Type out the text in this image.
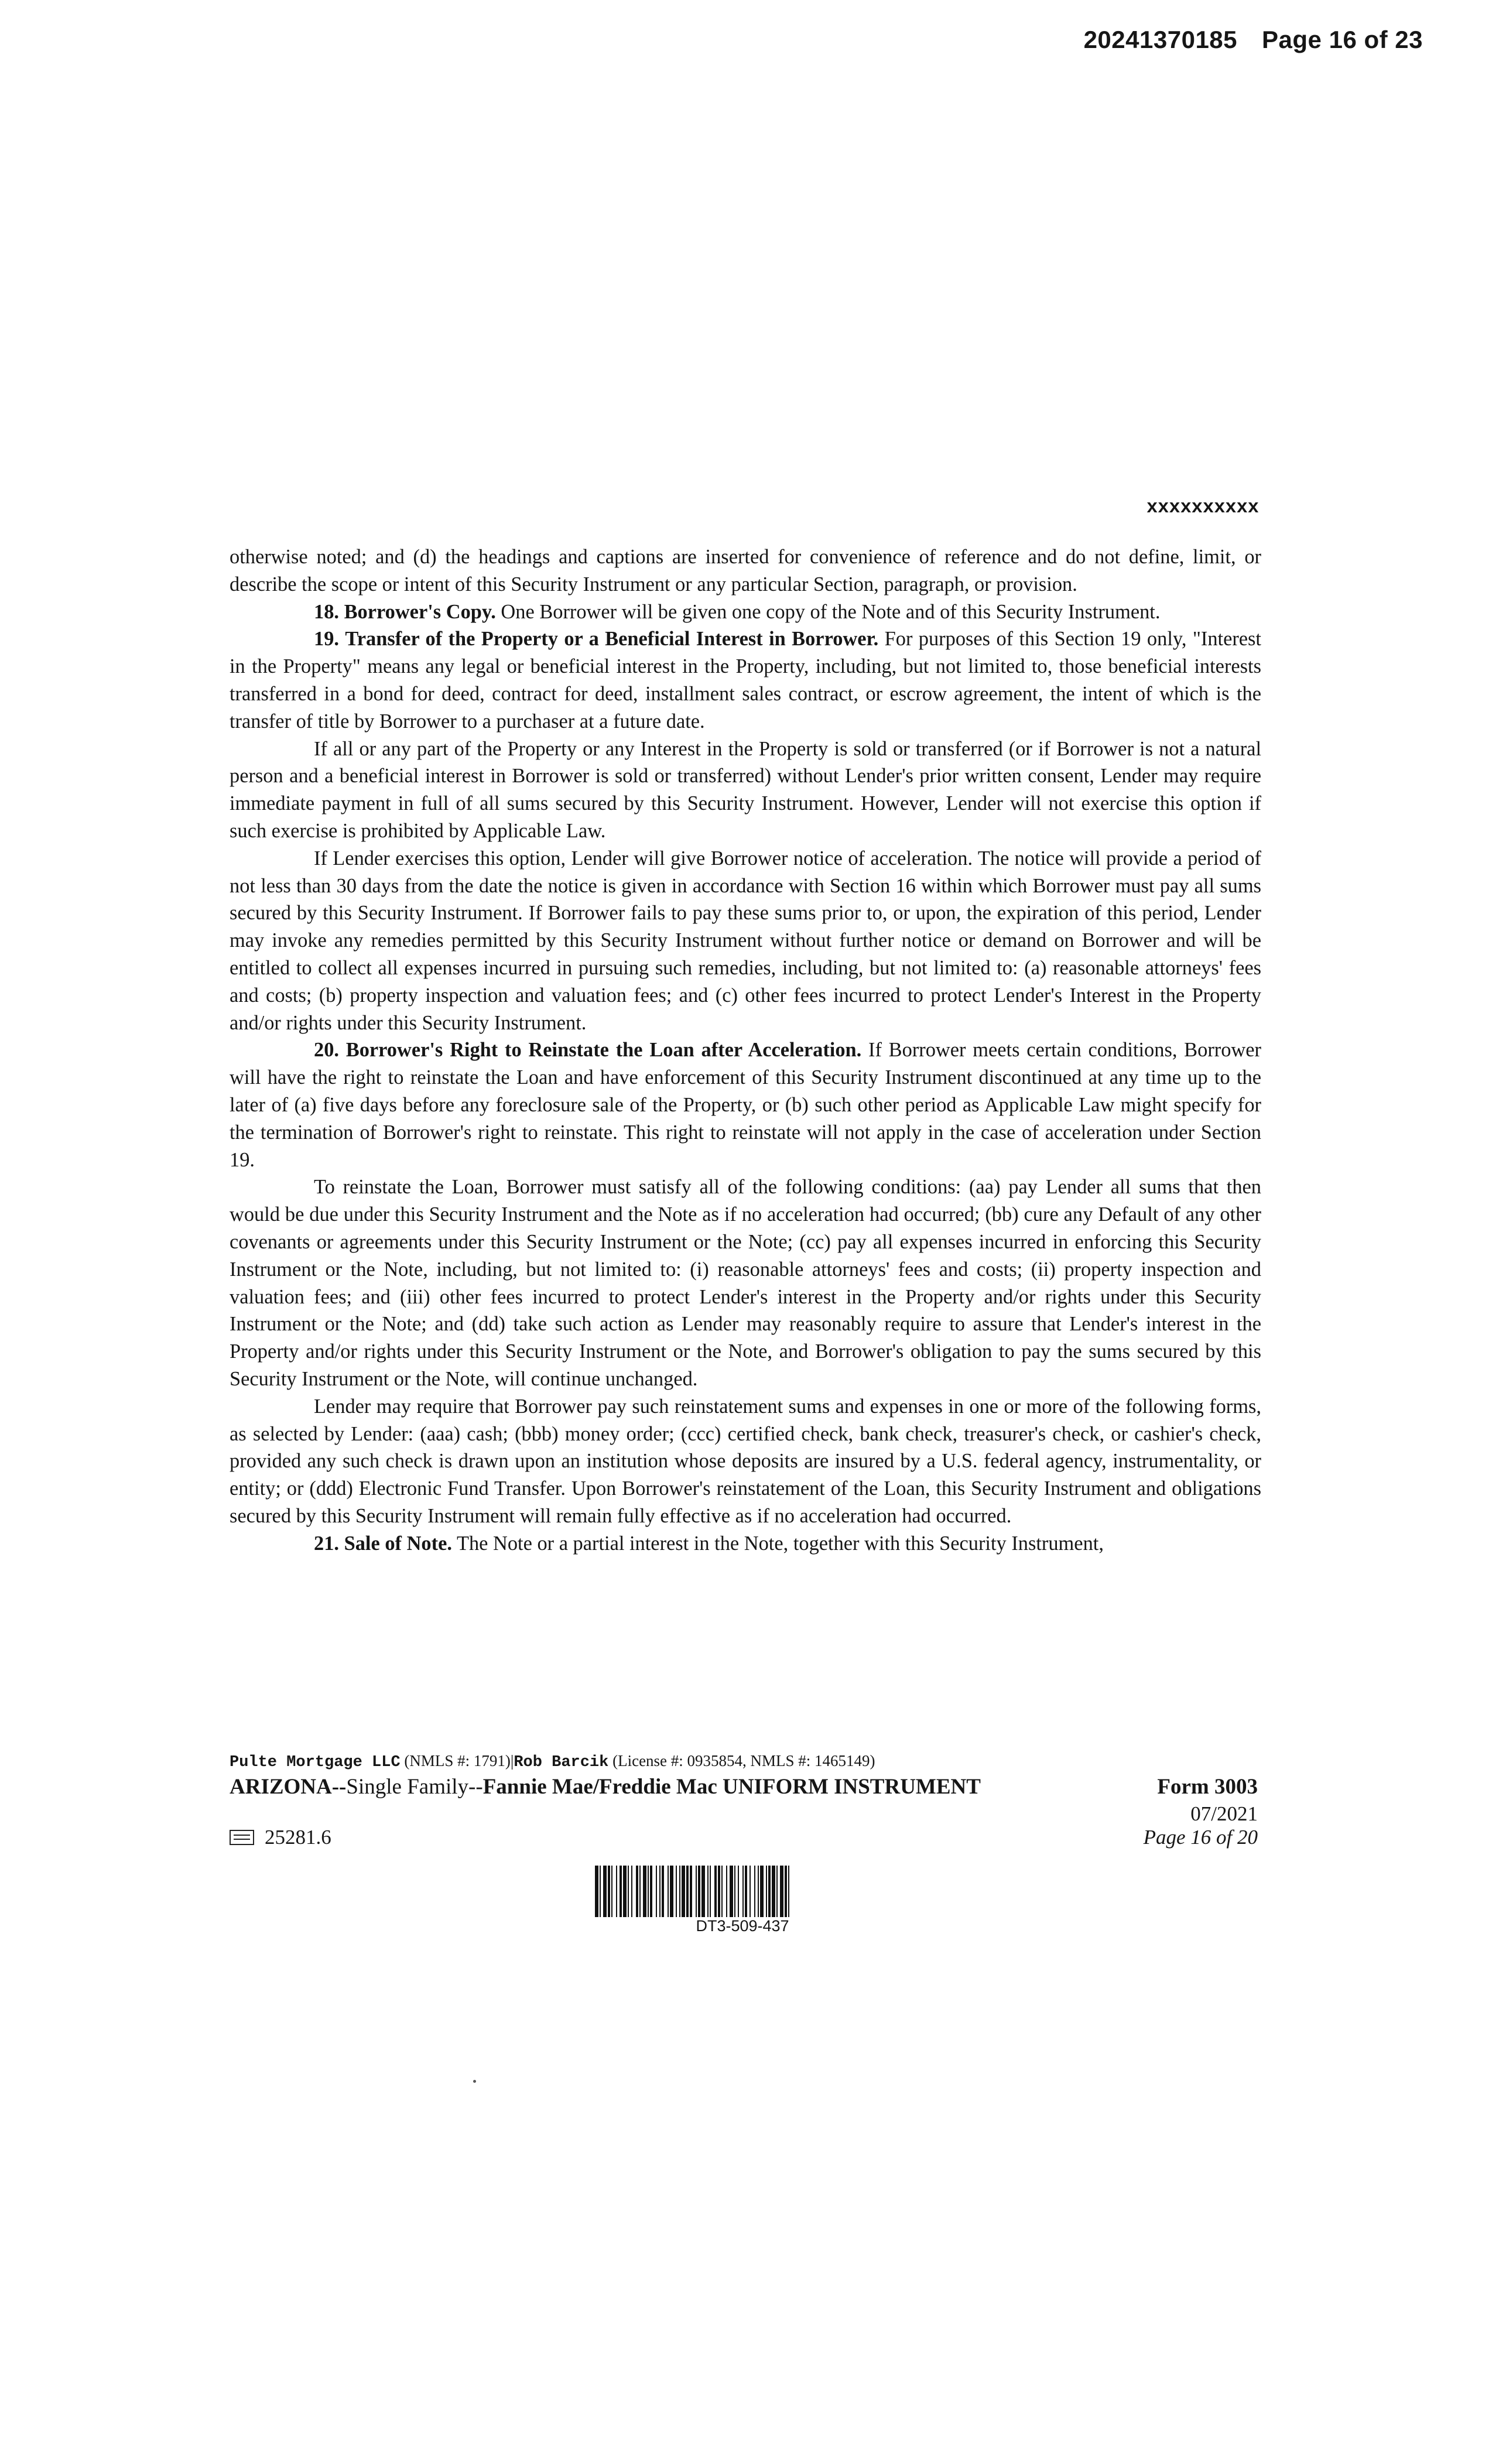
20241370185 Page 16 of 23
xxxxxxxxxx

otherwise noted; and (d) the headings and captions are inserted for convenience of reference and do not define, limit, or describe the scope or intent of this Security Instrument or any particular Section, paragraph, or provision.

18. Borrower's Copy. One Borrower will be given one copy of the Note and of this Security Instrument.

19. Transfer of the Property or a Beneficial Interest in Borrower. For purposes of this Section 19 only, "Interest in the Property" means any legal or beneficial interest in the Property, including, but not limited to, those beneficial interests transferred in a bond for deed, contract for deed, installment sales contract, or escrow agreement, the intent of which is the transfer of title by Borrower to a purchaser at a future date.

If all or any part of the Property or any Interest in the Property is sold or transferred (or if Borrower is not a natural person and a beneficial interest in Borrower is sold or transferred) without Lender's prior written consent, Lender may require immediate payment in full of all sums secured by this Security Instrument. However, Lender will not exercise this option if such exercise is prohibited by Applicable Law.

If Lender exercises this option, Lender will give Borrower notice of acceleration. The notice will provide a period of not less than 30 days from the date the notice is given in accordance with Section 16 within which Borrower must pay all sums secured by this Security Instrument. If Borrower fails to pay these sums prior to, or upon, the expiration of this period, Lender may invoke any remedies permitted by this Security Instrument without further notice or demand on Borrower and will be entitled to collect all expenses incurred in pursuing such remedies, including, but not limited to: (a) reasonable attorneys' fees and costs; (b) property inspection and valuation fees; and (c) other fees incurred to protect Lender's Interest in the Property and/or rights under this Security Instrument.

20. Borrower's Right to Reinstate the Loan after Acceleration. If Borrower meets certain conditions, Borrower will have the right to reinstate the Loan and have enforcement of this Security Instrument discontinued at any time up to the later of (a) five days before any foreclosure sale of the Property, or (b) such other period as Applicable Law might specify for the termination of Borrower's right to reinstate. This right to reinstate will not apply in the case of acceleration under Section 19.

To reinstate the Loan, Borrower must satisfy all of the following conditions: (aa) pay Lender all sums that then would be due under this Security Instrument and the Note as if no acceleration had occurred; (bb) cure any Default of any other covenants or agreements under this Security Instrument or the Note; (cc) pay all expenses incurred in enforcing this Security Instrument or the Note, including, but not limited to: (i) reasonable attorneys' fees and costs; (ii) property inspection and valuation fees; and (iii) other fees incurred to protect Lender's interest in the Property and/or rights under this Security Instrument or the Note; and (dd) take such action as Lender may reasonably require to assure that Lender's interest in the Property and/or rights under this Security Instrument or the Note, and Borrower's obligation to pay the sums secured by this Security Instrument or the Note, will continue unchanged.

Lender may require that Borrower pay such reinstatement sums and expenses in one or more of the following forms, as selected by Lender: (aaa) cash; (bbb) money order; (ccc) certified check, bank check, treasurer's check, or cashier's check, provided any such check is drawn upon an institution whose deposits are insured by a U.S. federal agency, instrumentality, or entity; or (ddd) Electronic Fund Transfer. Upon Borrower's reinstatement of the Loan, this Security Instrument and obligations secured by this Security Instrument will remain fully effective as if no acceleration had occurred.

21. Sale of Note. The Note or a partial interest in the Note, together with this Security Instrument,

Pulte Mortgage LLC (NMLS #: 1791)|Rob Barcik (License #: 0935854, NMLS #: 1465149)
ARIZONA--Single Family--Fannie Mae/Freddie Mac UNIFORM INSTRUMENT	Form 3003
07/2021
Page 16 of 20
25281.6
DT3-509-437
